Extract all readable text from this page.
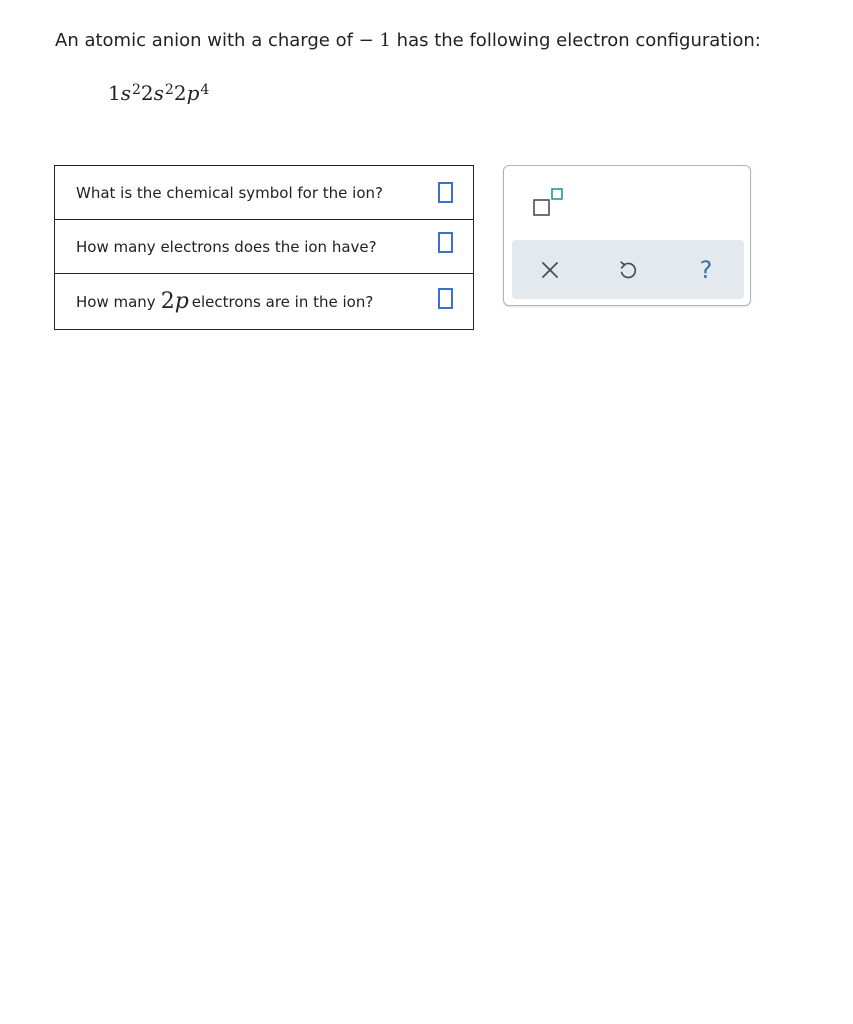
An atomic anion with a charge of − 1 has the following electron configuration:
$1s^22s^22p^4$
What is the chemical symbol for the ion?
How many electrons does the ion have?
How many 2p electrons are in the ion?
?
